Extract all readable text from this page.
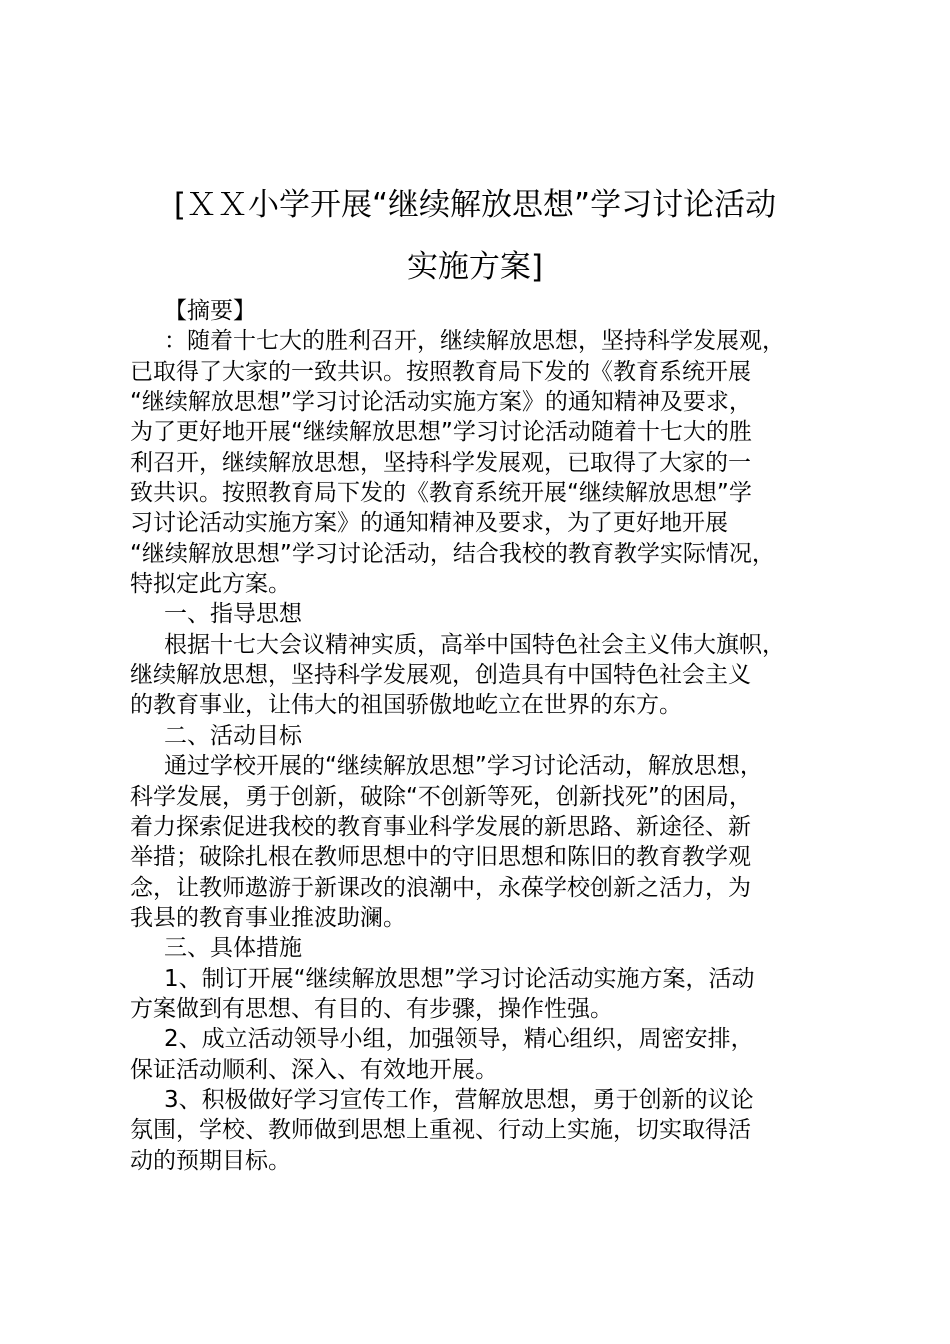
[ＸＸ小学开展“继续解放思想”学习讨论活动
实施方案]
【摘要】
：随着十七大的胜利召开，继续解放思想，坚持科学发展观，
已取得了大家的一致共识。按照教育局下发的《教育系统开展
“继续解放思想”学习讨论活动实施方案》的通知精神及要求，
为了更好地开展“继续解放思想”学习讨论活动随着十七大的胜
利召开，继续解放思想，坚持科学发展观，已取得了大家的一
致共识。按照教育局下发的《教育系统开展“继续解放思想”学
习讨论活动实施方案》的通知精神及要求，为了更好地开展
“继续解放思想”学习讨论活动，结合我校的教育教学实际情况，
特拟定此方案。
一、指导思想
根据十七大会议精神实质，高举中国特色社会主义伟大旗帜，
继续解放思想，坚持科学发展观，创造具有中国特色社会主义
的教育事业，让伟大的祖国骄傲地屹立在世界的东方。
二、活动目标
通过学校开展的“继续解放思想”学习讨论活动，解放思想，
科学发展，勇于创新，破除“不创新等死，创新找死”的困局，
着力探索促进我校的教育事业科学发展的新思路、新途径、新
举措；破除扎根在教师思想中的守旧思想和陈旧的教育教学观
念，让教师遨游于新课改的浪潮中，永葆学校创新之活力，为
我县的教育事业推波助澜。
三、具体措施
1、制订开展“继续解放思想”学习讨论活动实施方案，活动
方案做到有思想、有目的、有步骤，操作性强。
2、成立活动领导小组，加强领导，精心组织，周密安排，
保证活动顺利、深入、有效地开展。
3、积极做好学习宣传工作，营解放思想，勇于创新的议论
氛围，学校、教师做到思想上重视、行动上实施，切实取得活
动的预期目标。
